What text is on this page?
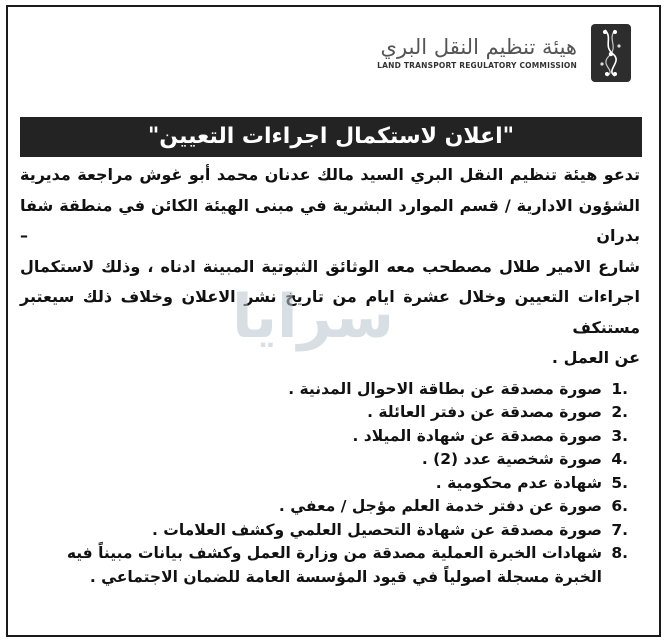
هيئة تنظيم النقل البري
LAND TRANSPORT REGULATORY COMMISSION
"اعلان لاستكمال اجراءات التعيين"

تدعو هيئة تنظيم النقل البري السيد مالك عدنان محمد أبو غوش مراجعة مديرية
الشؤون الادارية / قسم الموارد البشرية في مبنى الهيئة الكائن في منطقة شفا بدران –
شارع الامير طلال مصطحب معه الوثائق الثبوتية المبينة ادناه ، وذلك لاستكمال
اجراءات التعيين وخلال عشرة ايام من تاريخ نشر الاعلان وخلاف ذلك سيعتبر مستنكف
عن العمل .

1.
صورة مصدقة عن بطاقة الاحوال المدنية .
2.
صورة مصدقة عن دفتر العائلة .
3.
صورة مصدقة عن شهادة الميلاد .
4.
صورة شخصية عدد (2) .
5.
شهادة عدم محكومية .
6.
صورة عن دفتر خدمة العلم مؤجل / معفي .
7.
صورة مصدقة عن شهادة التحصيل العلمي وكشف العلامات .
8.
شهادات الخبرة العملية مصدقة من وزارة العمل وكشف بيانات مبيناً فيه الخبرة مسجلة اصولياً في قيود المؤسسة العامة للضمان الاجتماعي .
سرايا
